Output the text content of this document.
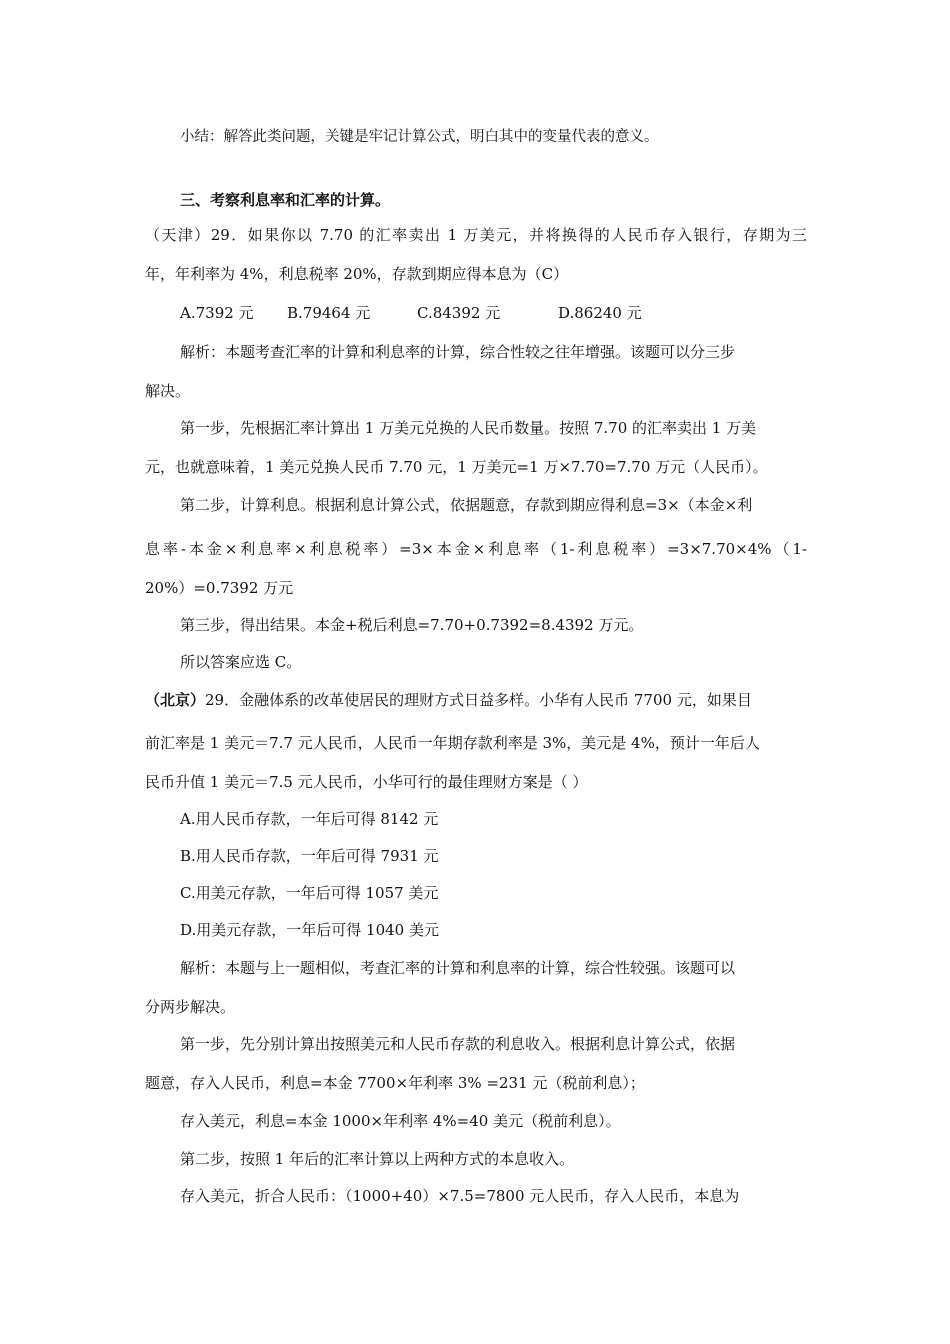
小结：解答此类问题，关键是牢记计算公式，明白其中的变量代表的意义。
三、考察利息率和汇率的计算。
（天津）29．如果你以 7.70 的汇率卖出 1 万美元，并将换得的人民币存入银行，存期为三
年，年利率为 4%，利息税率 20%，存款到期应得本息为（C）
A.7392 元 B.79464 元	C.84392 元	D.86240 元
解析：本题考查汇率的计算和利息率的计算，综合性较之往年增强。该题可以分三步
解决。
第一步，先根据汇率计算出 1 万美元兑换的人民币数量。按照 7.70 的汇率卖出 1 万美
元，也就意味着，1 美元兑换人民币 7.70 元，1 万美元=1 万×7.70=7.70 万元（人民币）。
第二步，计算利息。根据利息计算公式，依据题意，存款到期应得利息=3×（本金×利
息率-本金×利息率×利息税率）=3×本金×利息率（1-利息税率）=3×7.70×4%（1-
20%）=0.7392 万元
第三步，得出结果。本金+税后利息=7.70+0.7392=8.4392 万元。
所以答案应选 C。
（北京）29．金融体系的改革使居民的理财方式日益多样。小华有人民币 7700 元，如果目
前汇率是 1 美元＝7.7 元人民币，人民币一年期存款利率是 3%，美元是 4%，预计一年后人
民币升值 1 美元＝7.5 元人民币，小华可行的最佳理财方案是（ ）
A.用人民币存款，一年后可得 8142 元
B.用人民币存款，一年后可得 7931 元
C.用美元存款，一年后可得 1057 美元
D.用美元存款，一年后可得 1040 美元
解析：本题与上一题相似，考查汇率的计算和利息率的计算，综合性较强。该题可以
分两步解决。
第一步，先分别计算出按照美元和人民币存款的利息收入。根据利息计算公式，依据
题意，存入人民币，利息=本金 7700×年利率 3% =231 元（税前利息）；
存入美元，利息=本金 1000×年利率 4%=40 美元（税前利息）。
第二步，按照 1 年后的汇率计算以上两种方式的本息收入。
存入美元，折合人民币：（1000+40）×7.5=7800 元人民币，存入人民币，本息为
